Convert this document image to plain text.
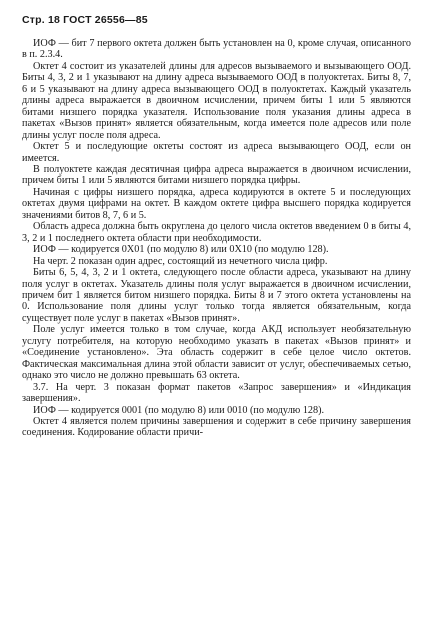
Стр. 18 ГОСТ 26556—85

ИОФ — бит 7 первого октета должен быть установлен на 0, кроме случая, описанного в п. 2.3.4.

Октет 4 состоит из указателей длины для адресов вызываемого и вызывающего ООД. Биты 4, 3, 2 и 1 указывают на длину адреса вызываемого ООД в полуоктетах. Биты 8, 7, 6 и 5 указывают на длину адреса вызывающего ООД в полуоктетах. Каждый указатель длины адреса выражается в двоичном исчислении, причем биты 1 или 5 являются битами низшего порядка указателя. Использование поля указания длины адреса в пакетах «Вызов принят» является обязательным, когда имеется поле адресов или поле длины услуг после поля адреса.

Октет 5 и последующие октеты состоят из адреса вызывающего ООД, если он имеется.

В полуоктете каждая десятичная цифра адреса выражается в двоичном исчислении, причем биты 1 или 5 являются битами низшего порядка цифры.

Начиная с цифры низшего порядка, адреса кодируются в октете 5 и последующих октетах двумя цифрами на октет. В каждом октете цифра высшего порядка кодируется значениями битов 8, 7, 6 и 5.

Область адреса должна быть округлена до целого числа октетов введением 0 в биты 4, 3, 2 и 1 последнего октета области при необходимости.

ИОФ — кодируется 0X01 (по модулю 8) или 0X10 (по модулю 128).

На черт. 2 показан один адрес, состоящий из нечетного числа цифр.

Биты 6, 5, 4, 3, 2 и 1 октета, следующего после области адреса, указывают на длину поля услуг в октетах. Указатель длины поля услуг выражается в двоичном исчислении, причем бит 1 является битом низшего порядка. Биты 8 и 7 этого октета установлены на 0. Использование поля длины услуг только тогда является обязательным, когда существует поле услуг в пакетах «Вызов принят».

Поле услуг имеется только в том случае, когда АКД использует необязательную услугу потребителя, на которую необходимо указать в пакетах «Вызов принят» и «Соединение установлено». Эта область содержит в себе целое число октетов. Фактическая максимальная длина этой области зависит от услуг, обеспечиваемых сетью, однако это число не должно превышать 63 октета.

3.7. На черт. 3 показан формат пакетов «Запрос завершения» и «Индикация завершения».

ИОФ — кодируется 0001 (по модулю 8) или 0010 (по модулю 128).

Октет 4 является полем причины завершения и содержит в себе причину завершения соединения. Кодирование области причи-
